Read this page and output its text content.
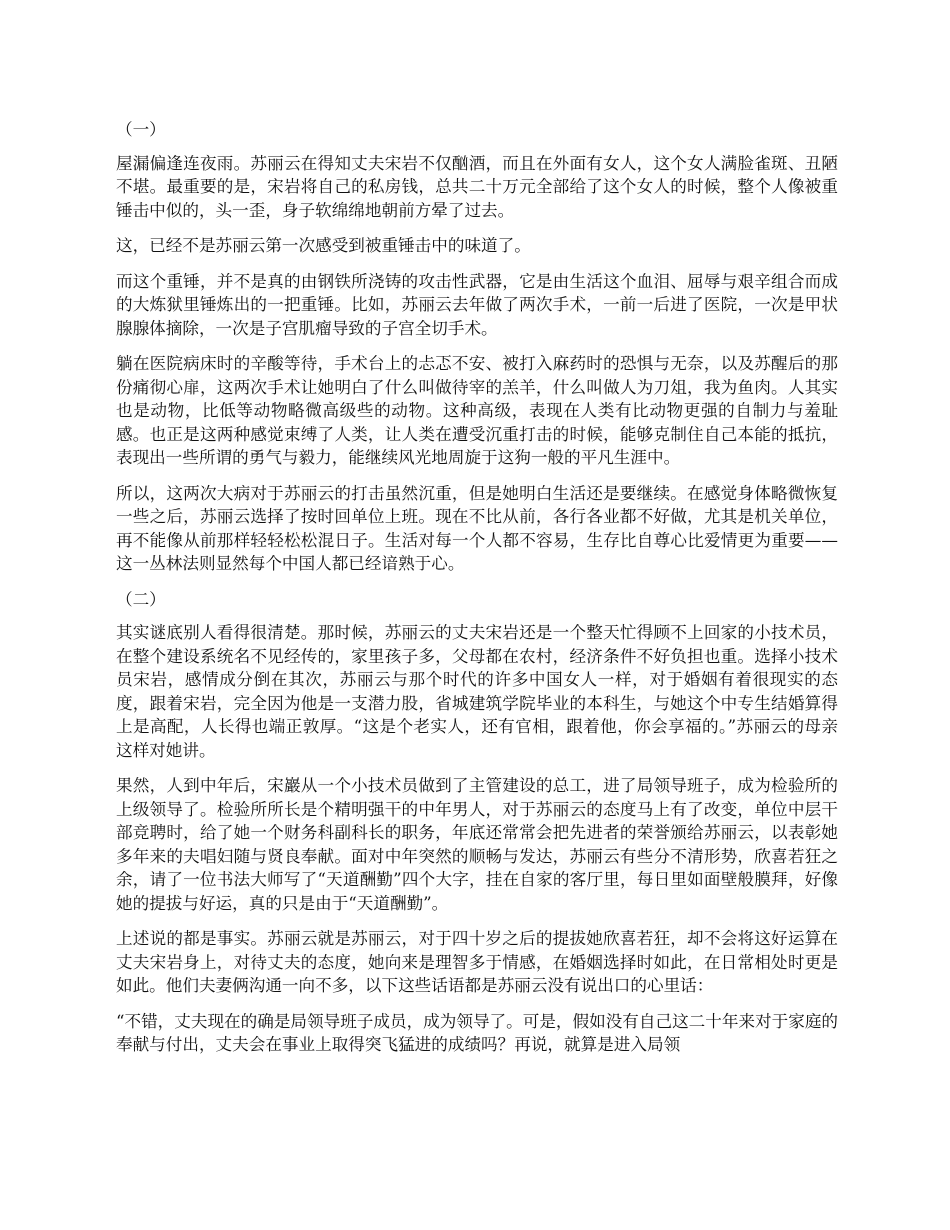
（一）

屋漏偏逢连夜雨。苏丽云在得知丈夫宋岩不仅酗酒，而且在外面有女人，这个女人满脸雀斑、丑陋不堪。最重要的是，宋岩将自己的私房钱，总共二十万元全部给了这个女人的时候，整个人像被重锤击中似的，头一歪，身子软绵绵地朝前方晕了过去。

这，已经不是苏丽云第一次感受到被重锤击中的味道了。

而这个重锤，并不是真的由钢铁所浇铸的攻击性武器，它是由生活这个血泪、屈辱与艰辛组合而成的大炼狱里锤炼出的一把重锤。比如，苏丽云去年做了两次手术，一前一后进了医院，一次是甲状腺腺体摘除，一次是子宫肌瘤导致的子宫全切手术。

躺在医院病床时的辛酸等待，手术台上的忐忑不安、被打入麻药时的恐惧与无奈，以及苏醒后的那份痛彻心扉，这两次手术让她明白了什么叫做待宰的羔羊，什么叫做人为刀俎，我为鱼肉。人其实也是动物，比低等动物略微高级些的动物。这种高级，表现在人类有比动物更强的自制力与羞耻感。也正是这两种感觉束缚了人类，让人类在遭受沉重打击的时候，能够克制住自己本能的抵抗，表现出一些所谓的勇气与毅力，能继续风光地周旋于这狗一般的平凡生涯中。

所以，这两次大病对于苏丽云的打击虽然沉重，但是她明白生活还是要继续。在感觉身体略微恢复一些之后，苏丽云选择了按时回单位上班。现在不比从前，各行各业都不好做，尤其是机关单位，再不能像从前那样轻轻松松混日子。生活对每一个人都不容易，生存比自尊心比爱情更为重要——这一丛林法则显然每个中国人都已经谙熟于心。

（二）

其实谜底别人看得很清楚。那时候，苏丽云的丈夫宋岩还是一个整天忙得顾不上回家的小技术员，在整个建设系统名不见经传的，家里孩子多，父母都在农村，经济条件不好负担也重。选择小技术员宋岩，感情成分倒在其次，苏丽云与那个时代的许多中国女人一样，对于婚姻有着很现实的态度，跟着宋岩，完全因为他是一支潜力股，省城建筑学院毕业的本科生，与她这个中专生结婚算得上是高配，人长得也端正敦厚。“这是个老实人，还有官相，跟着他，你会享福的。”苏丽云的母亲这样对她讲。

果然，人到中年后，宋巖从一个小技术员做到了主管建设的总工，进了局领导班子，成为检验所的上级领导了。检验所所长是个精明强干的中年男人，对于苏丽云的态度马上有了改变，单位中层干部竞聘时，给了她一个财务科副科长的职务，年底还常常会把先进者的荣誉颁给苏丽云，以表彰她多年来的夫唱妇随与贤良奉献。面对中年突然的顺畅与发达，苏丽云有些分不清形势，欣喜若狂之余，请了一位书法大师写了“天道酬勤”四个大字，挂在自家的客厅里，每日里如面壁般膜拜，好像她的提拔与好运，真的只是由于“天道酬勤”。

上述说的都是事实。苏丽云就是苏丽云，对于四十岁之后的提拔她欣喜若狂，却不会将这好运算在丈夫宋岩身上，对待丈夫的态度，她向来是理智多于情感，在婚姻选择时如此，在日常相处时更是如此。他们夫妻俩沟通一向不多，以下这些话语都是苏丽云没有说出口的心里话：

“不错，丈夫现在的确是局领导班子成员，成为领导了。可是，假如没有自己这二十年来对于家庭的奉献与付出，丈夫会在事业上取得突飞猛进的成绩吗？再说，就算是进入局领
